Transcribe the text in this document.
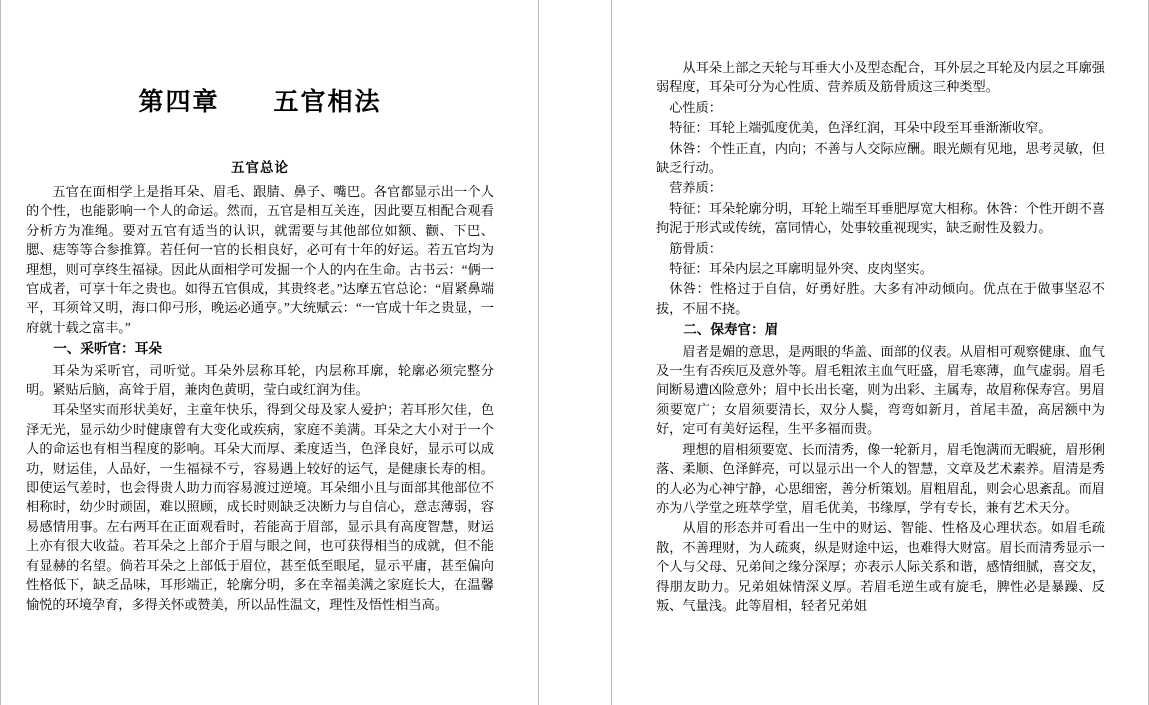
第四章　　五官相法
五官总论

五官在面相学上是指耳朵、眉毛、跟腈、鼻子、嘴巴。各官都显示出一个人的个性，也能影响一个人的命运。然而，五官是相互关连，因此要互相配合观看分析方为准绳。要对五官有适当的认识，就需要与其他部位如额、颧、下巴、腮、痣等等合参推算。若任何一官的长相良好，必可有十年的好运。若五官均为理想，则可享终生福禄。因此从面相学可发掘一个人的内在生命。古书云：“俩一官成者，可享十年之贵也。如得五官俱成，其贵终老。”达摩五官总论：“眉紧鼻端平，耳须耸又明，海口仰弓形，晚运必通亨。”大统赋云：“一官成十年之贵显，一府就十载之富丰。”

一、采听官：耳朵

耳朵为采听官，司听觉。耳朵外层称耳轮，内层称耳廓，轮廓必须完整分明。紧贴后脑，高耸于眉，兼肉色黄明，莹白或红润为佳。

耳朵坚实而形状美好，主童年快乐，得到父母及家人爱护；若耳形欠佳，色泽无光，显示幼少时健康曾有大变化或疾病，家庭不美满。耳朵之大小对于一个人的命运也有相当程度的影响。耳朵大而厚、柔度适当，色泽良好，显示可以成功，财运佳，人品好，一生福禄不亏，容易遇上较好的运气，是健康长寿的相。即使运气差时，也会得贵人助力而容易渡过逆境。耳朵细小且与面部其他部位不相称时，幼少时顽固，难以照顾，成长时则缺乏决断力与自信心，意志薄弱，容易感情用事。左右两耳在正面观看时，若能高于眉部，显示具有高度智慧，财运上亦有很大收益。若耳朵之上部介于眉与眼之间，也可获得相当的成就，但不能有显赫的名望。倘若耳朵之上部低于眉位，甚至低至眼尾，显示平庸，甚至偏向性格低下，缺乏品味，耳形端正，轮廓分明，多在幸福美满之家庭长大，在温馨愉悦的环境孕育，多得关怀或赞美，所以品性温文，理性及悟性相当高。

从耳朵上部之天轮与耳垂大小及型态配合，耳外层之耳轮及内层之耳廓强弱程度，耳朵可分为心性质、营养质及筋骨质这三种类型。

心性质：

特征：耳轮上端弧度优美，色泽红润，耳朵中段至耳垂渐渐收窄。

休咎：个性正直，内向；不善与人交际应酬。眼光颇有见地，思考灵敏，但缺乏行动。

营养质：

特征：耳朵轮廓分明，耳轮上端至耳垂肥厚宽大相称。休咎：个性开朗不喜拘泥于形式或传统，富同情心，处事较重视现实，缺乏耐性及毅力。

筋骨质：

特征：耳朵内层之耳廓明显外突、皮肉坚实。

休咎：性格过于自信，好勇好胜。大多有冲动倾向。优点在于做事坚忍不拔，不屈不挠。

二、保寿官：眉

眉者是媚的意思，是两眼的华盖、面部的仪表。从眉相可观察健康、血气及一生有否疾厄及意外等。眉毛粗浓主血气旺盛，眉毛寒薄，血气虚弱。眉毛间断易遭凶险意外；眉中长出长毫，则为出彩、主属寿，故眉称保寿宫。男眉须要宽广；女眉须要清长，双分人鬓，弯弯如新月，首尾丰盈，高居额中为好，定可有美好运程，生平多福而贵。

理想的眉相须要宽、长而清秀，像一轮新月，眉毛饱满而无暇疵，眉形俐落、柔顺、色泽鲜亮，可以显示出一个人的智慧，文章及艺术素养。眉清是秀的人必为心神宁静，心思细密，善分析策划。眉粗眉乱，则会心思紊乱。而眉亦为八学堂之班萃学堂，眉毛优美，书缘厚，学有专长，兼有艺术天分。

从眉的形态并可看出一生中的财运、智能、性格及心理状态。如眉毛疏散，不善理财，为人疏爽，纵是财途中运，也难得大财富。眉长而清秀显示一个人与父母、兄弟间之缘分深厚；亦表示人际关系和谐，感情细腻，喜交友，得朋友助力。兄弟姐妹情深义厚。若眉毛逆生或有旋毛，脾性必是暴躁、反叛、气量浅。此等眉相，轻者兄弟姐
